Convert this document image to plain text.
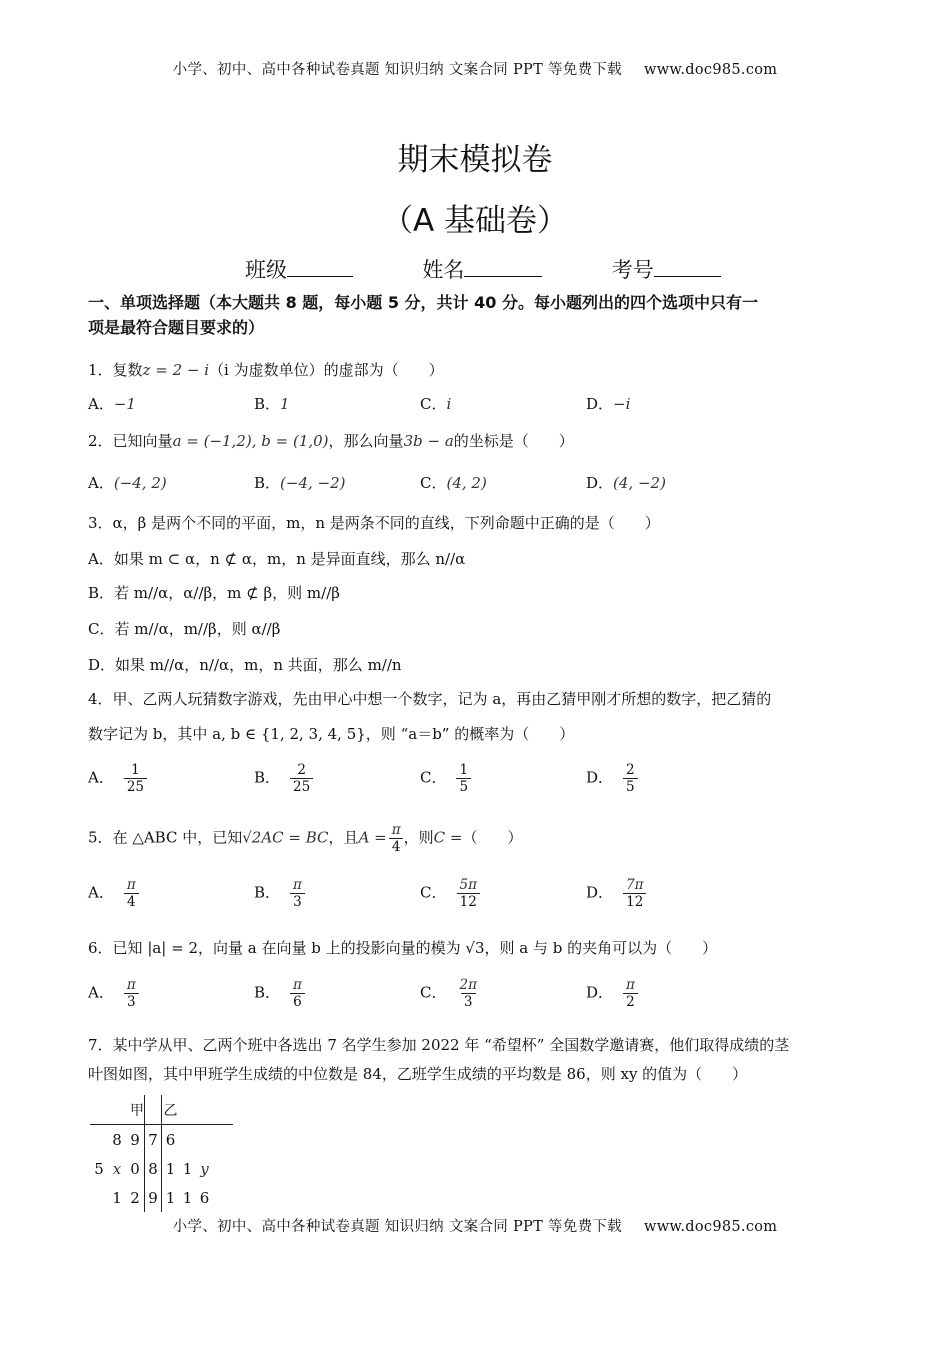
小学、初中、高中各种试卷真题 知识归纳 文案合同 PPT 等免费下载 www.doc985.com
期末模拟卷
（A 基础卷）
班级	姓名	考号
一、单项选择题（本大题共 8 题，每小题 5 分，共计 40 分。每小题列出的四个选项中只有一
项是最符合题目要求的）
1．复数z = 2 − i（i 为虚数单位）的虚部为（　　）
A．−1	B．1	C．i	D．−i
2．已知向量a = (−1,2), b = (1,0)，那么向量3b − a的坐标是（　　）
A．(−4, 2)	B．(−4, −2)	C．(4, 2)	D．(4, −2)
3．α，β 是两个不同的平面，m，n 是两条不同的直线，下列命题中正确的是（　　）
A．如果 m ⊂ α，n ⊄ α，m，n 是异面直线，那么 n//α
B．若 m//α，α//β，m ⊄ β，则 m//β
C．若 m//α，m//β，则 α//β
D．如果 m//α，n//α，m，n 共面，那么 m//n
4．甲、乙两人玩猜数字游戏，先由甲心中想一个数字，记为 a，再由乙猜甲刚才所想的数字，把乙猜的
数字记为 b，其中 a, b ∈ {1, 2, 3, 4, 5}，则 “a＝b” 的概率为（　　）
A． $\frac{1}{25}$	B． $\frac{2}{25}$	C． $\frac{1}{5}$	D． $\frac{2}{5}$
5．在 △ABC 中，已知√2AC = BC，且$A = \frac{\pi}{4}$ ，则C =（　　）
A． $\frac{\pi}{4}$	B． $\frac{\pi}{3}$	C． $\frac{5\pi}{12}$	D． $\frac{7\pi}{12}$
6．已知 |a| = 2，向量 a 在向量 b 上的投影向量的模为 √3，则 a 与 b 的夹角可以为（　　）
A． $\frac{\pi}{3}$	B． $\frac{\pi}{6}$	C． $\frac{2\pi}{3}$	D． $\frac{\pi}{2}$
7．某中学从甲、乙两个班中各选出 7 名学生参加 2022 年 “希望杯” 全国数学邀请赛，他们取得成绩的茎
叶图如图，其中甲班学生成绩的中位数是 84，乙班学生成绩的平均数是 86，则 xy 的值为（　　）
		甲		乙			
	8	9	7	6			
5	x	0	8	1	1	y	
	1	2	9	1	1	6	
小学、初中、高中各种试卷真题 知识归纳 文案合同 PPT 等免费下载 www.doc985.com
